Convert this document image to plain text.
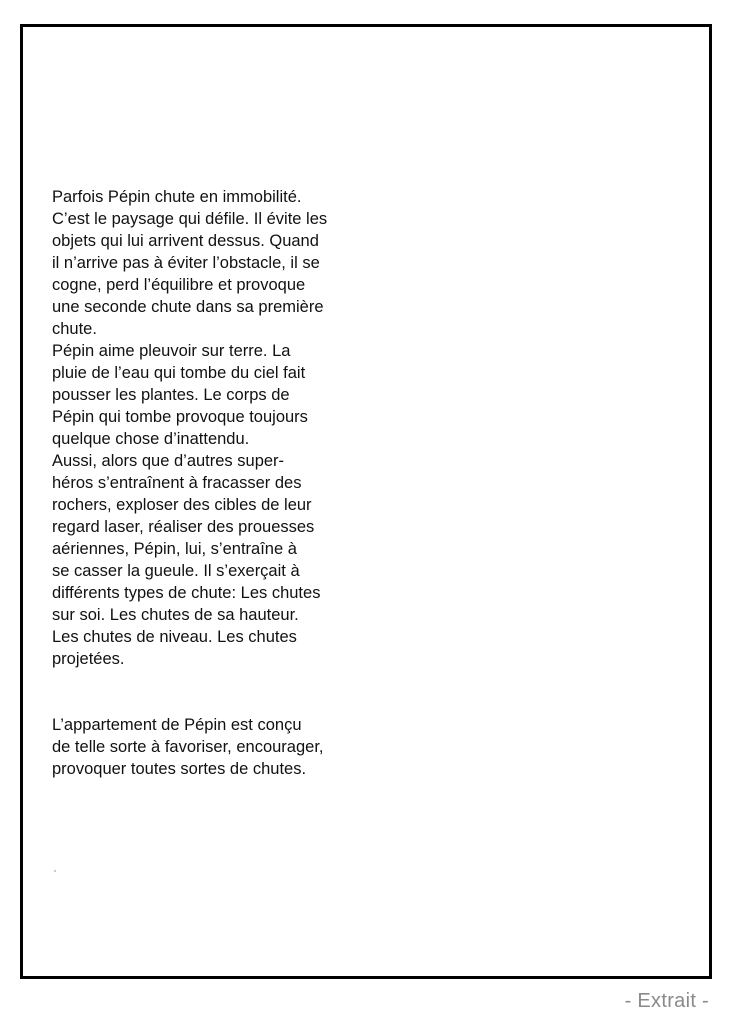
Parfois Pépin chute en immobilité.
C’est le paysage qui défile. Il évite les
objets qui lui arrivent dessus. Quand
il n’arrive pas à éviter l’obstacle, il se
cogne, perd l’équilibre et provoque
une seconde chute dans sa première
chute.
Pépin aime pleuvoir sur terre. La
pluie de l’eau qui tombe du ciel fait
pousser les plantes. Le corps de
Pépin qui tombe provoque toujours
quelque chose d’inattendu.
Aussi, alors que d’autres super-
héros s’entraînent à fracasser des
rochers, exploser des cibles de leur
regard laser, réaliser des prouesses
aériennes, Pépin, lui, s’entraîne à
se casser la gueule. Il s’exerçait à
différents types de chute: Les chutes
sur soi. Les chutes de sa hauteur.
Les chutes de niveau. Les chutes
projetées.
L’appartement de Pépin est conçu
de telle sorte à favoriser, encourager,
provoquer toutes sortes de chutes.
- Extrait -
